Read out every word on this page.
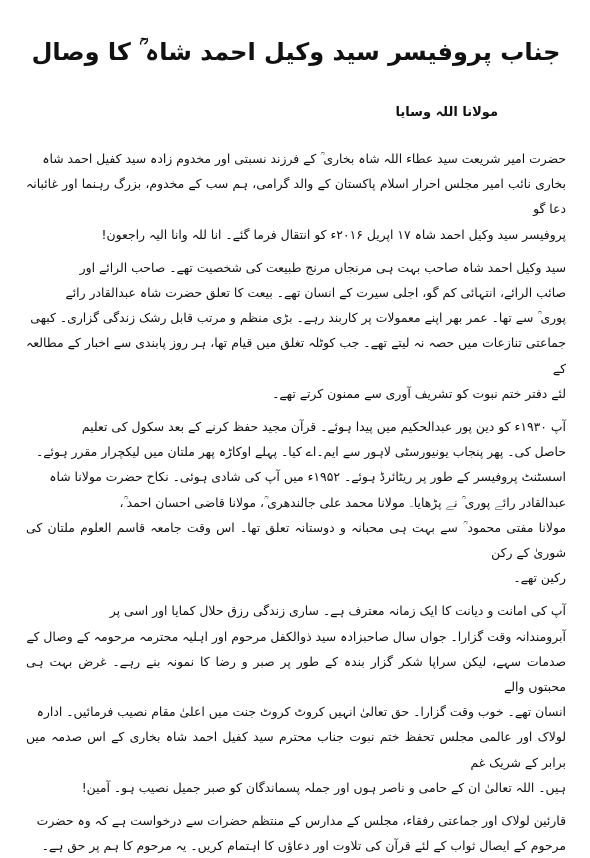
جناب پروفیسر سید وکیل احمد شاہ ؒ کا وصال
مولانا اللہ وسایا

حضرت امیر شریعت سید عطاء اللہ شاہ بخاری ؒ کے فرزند نسبتی اور مخدوم زادہ سید کفیل احمد شاہ
بخاری نائب امیر مجلس احرار اسلام پاکستان کے والد گرامی، ہم سب کے مخدوم، بزرگ رہنما اور غائبانہ دعا گو
پروفیسر سید وکیل احمد شاہ ۱۷ اپریل ۲۰۱۶ء کو انتقال فرما گئے۔ انا للہ وانا الیہ راجعون!

سید وکیل احمد شاہ صاحب بہت ہی مرنجاں مرنج طبیعت کی شخصیت تھے۔ صاحب الرائے اور
صائب الرائے، انتہائی کم گو، اجلی سیرت کے انسان تھے۔ بیعت کا تعلق حضرت شاہ عبدالقادر رائے
پوری ؒ سے تھا۔ عمر بھر اپنے معمولات پر کاربند رہے۔ بڑی منظم و مرتب قابل رشک زندگی گزاری۔ کبھی
جماعتی تنازعات میں حصہ نہ لیتے تھے۔ جب کوٹلہ تغلق میں قیام تھا، ہر روز پابندی سے اخبار کے مطالعہ کے
لئے دفتر ختم نبوت کو تشریف آوری سے ممنون کرتے تھے۔

آپ ۱۹۳۰ء کو دین پور عبدالحکیم میں پیدا ہوئے۔ قرآن مجید حفظ کرنے کے بعد سکول کی تعلیم
حاصل کی۔ پھر پنجاب یونیورسٹی لاہور سے ایم۔اے کیا۔ پہلے اوکاڑہ پھر ملتان میں لیکچرار مقرر ہوئے۔
اسسٹنٹ پروفیسر کے طور پر ریٹائرڈ ہوئے۔ ۱۹۵۲ء میں آپ کی شادی ہوئی۔ نکاح حضرت مولانا شاہ
عبدالقادر رائے پوری ؒ نے پڑھایا۔ مولانا محمد علی جالندھری ؒ، مولانا قاضی احسان احمد ؒ،
مولانا مفتی محمود ؒ سے بہت ہی محبانہ و دوستانہ تعلق تھا۔ اس وقت جامعہ قاسم العلوم ملتان کی شوریٰ کے رکن
رکین تھے۔

آپ کی امانت و دیانت کا ایک زمانہ معترف ہے۔ ساری زندگی رزق حلال کمایا اور اسی پر
آبرومندانہ وقت گزارا۔ جواں سال صاحبزادہ سید ذوالکفل مرحوم اور اہلیہ محترمہ مرحومہ کے وصال کے
صدمات سہے، لیکن سراپا شکر گزار بندہ کے طور پر صبر و رضا کا نمونہ بنے رہے۔ غرض بہت ہی محبتوں والے
انسان تھے۔ خوب وقت گزارا۔ حق تعالیٰ انہیں کروٹ کروٹ جنت میں اعلیٰ مقام نصیب فرمائیں۔ ادارہ
لولاک اور عالمی مجلس تحفظ ختم نبوت جناب محترم سید کفیل احمد شاہ بخاری کے اس صدمہ میں برابر کے شریک غم
ہیں۔ اللہ تعالیٰ ان کے حامی و ناصر ہوں اور جملہ پسماندگان کو صبر جمیل نصیب ہو۔ آمین!

قارئین لولاک اور جماعتی رفقاء، مجلس کے مدارس کے منتظم حضرات سے درخواست ہے کہ وہ حضرت
مرحوم کے ایصال ثواب کے لئے قرآن کی تلاوت اور دعاؤں کا اہتمام کریں۔ یہ مرحوم کا ہم پر حق ہے۔
